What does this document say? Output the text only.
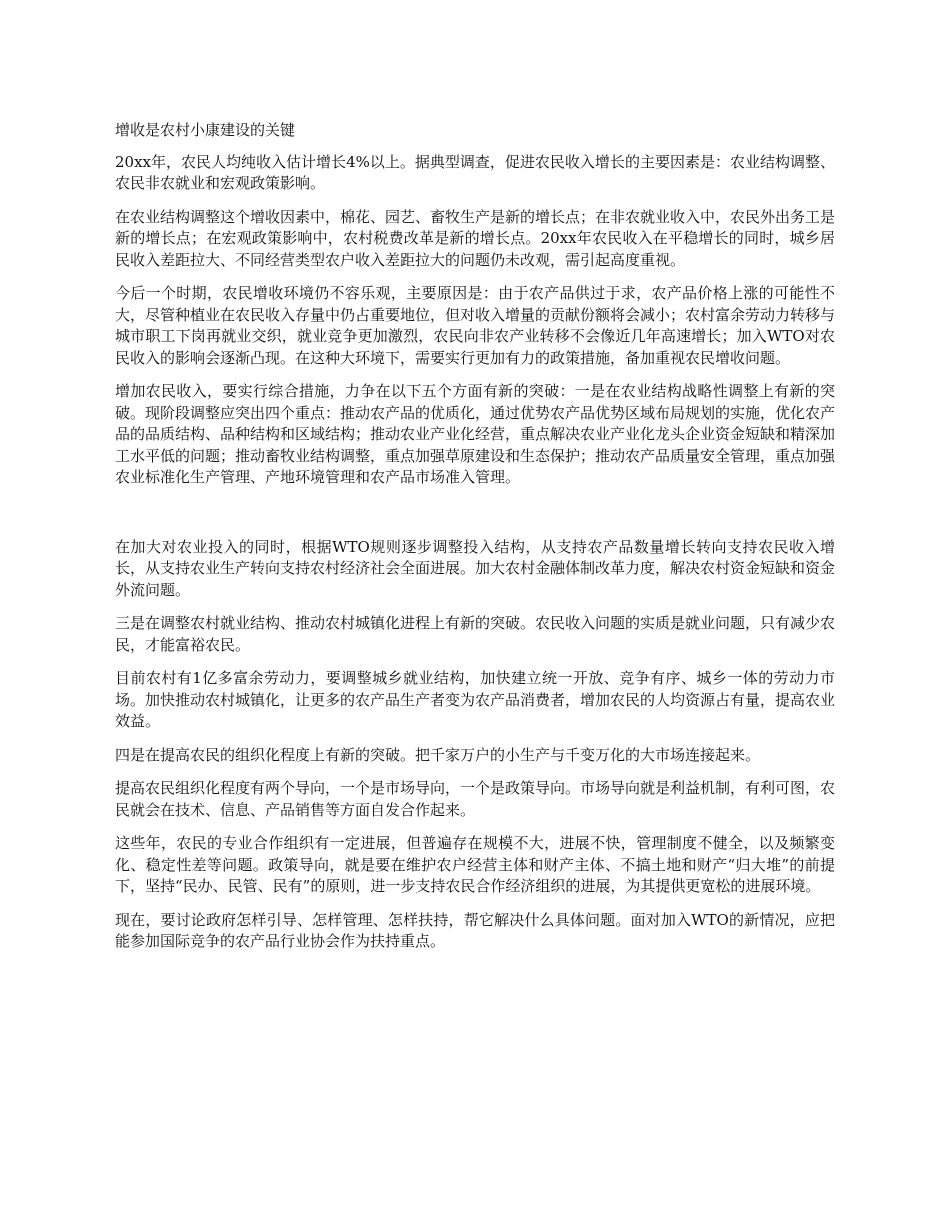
增收是农村小康建设的关键

20xx年，农民人均纯收入估计增长4%以上。据典型调查，促进农民收入增长的主要因素是：农业结构调整、农民非农就业和宏观政策影响。

在农业结构调整这个增收因素中，棉花、园艺、畜牧生产是新的增长点；在非农就业收入中，农民外出务工是新的增长点；在宏观政策影响中，农村税费改革是新的增长点。20xx年农民收入在平稳增长的同时，城乡居民收入差距拉大、不同经营类型农户收入差距拉大的问题仍未改观，需引起高度重视。

今后一个时期，农民增收环境仍不容乐观，主要原因是：由于农产品供过于求，农产品价格上涨的可能性不大，尽管种植业在农民收入存量中仍占重要地位，但对收入增量的贡献份额将会减小；农村富余劳动力转移与城市职工下岗再就业交织，就业竞争更加激烈，农民向非农产业转移不会像近几年高速增长；加入WTO对农民收入的影响会逐渐凸现。在这种大环境下，需要实行更加有力的政策措施，备加重视农民增收问题。

增加农民收入，要实行综合措施，力争在以下五个方面有新的突破：一是在农业结构战略性调整上有新的突破。现阶段调整应突出四个重点：推动农产品的优质化，通过优势农产品优势区域布局规划的实施，优化农产品的品质结构、品种结构和区域结构；推动农业产业化经营，重点解决农业产业化龙头企业资金短缺和精深加工水平低的问题；推动畜牧业结构调整，重点加强草原建设和生态保护；推动农产品质量安全管理，重点加强农业标准化生产管理、产地环境管理和农产品市场准入管理。

在加大对农业投入的同时，根据WTO规则逐步调整投入结构，从支持农产品数量增长转向支持农民收入增长，从支持农业生产转向支持农村经济社会全面进展。加大农村金融体制改革力度，解决农村资金短缺和资金外流问题。

三是在调整农村就业结构、推动农村城镇化进程上有新的突破。农民收入问题的实质是就业问题，只有减少农民，才能富裕农民。

目前农村有1亿多富余劳动力，要调整城乡就业结构，加快建立统一开放、竞争有序、城乡一体的劳动力市场。加快推动农村城镇化，让更多的农产品生产者变为农产品消费者，增加农民的人均资源占有量，提高农业效益。

四是在提高农民的组织化程度上有新的突破。把千家万户的小生产与千变万化的大市场连接起来。

提高农民组织化程度有两个导向，一个是市场导向，一个是政策导向。市场导向就是利益机制，有利可图，农民就会在技术、信息、产品销售等方面自发合作起来。

这些年，农民的专业合作组织有一定进展，但普遍存在规模不大，进展不快，管理制度不健全，以及频繁变化、稳定性差等问题。政策导向，就是要在维护农户经营主体和财产主体、不搞土地和财产“归大堆”的前提下，坚持“民办、民管、民有”的原则，进一步支持农民合作经济组织的进展，为其提供更宽松的进展环境。

现在，要讨论政府怎样引导、怎样管理、怎样扶持，帮它解决什么具体问题。面对加入WTO的新情况，应把能参加国际竞争的农产品行业协会作为扶持重点。
